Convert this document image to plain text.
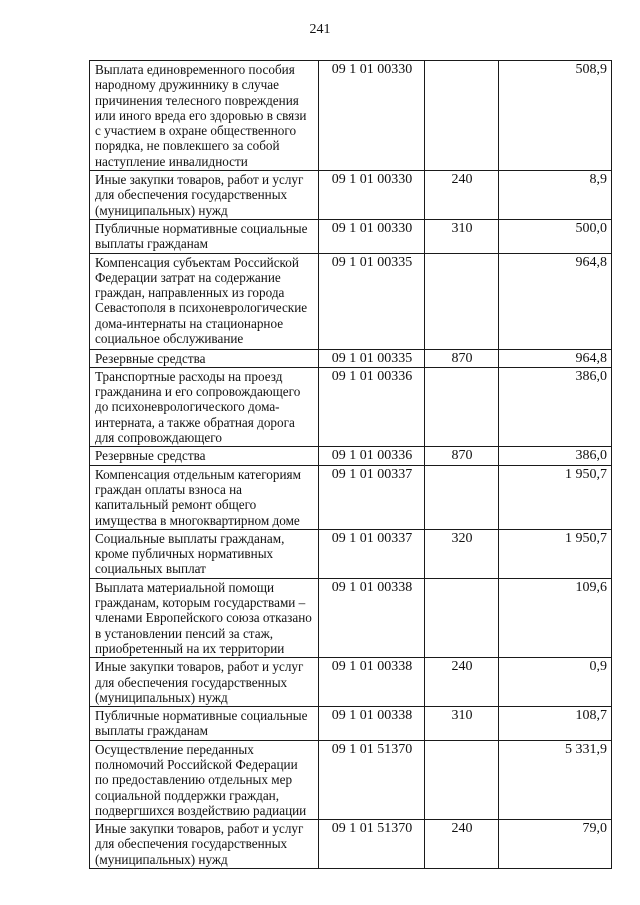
241
Выплата единовременного пособия народному дружиннику в случае причинения телесного повреждения или иного вреда его здоровью в связи с участием в охране общественного порядка, не повлекшего за собой наступление инвалидности	09 1 01 00330		508,9
Иные закупки товаров, работ и услуг для обеспечения государственных (муниципальных) нужд	09 1 01 00330	240	8,9
Публичные нормативные социальные выплаты гражданам	09 1 01 00330	310	500,0
Компенсация субъектам Российской Федерации затрат на содержание граждан, направленных из города Севастополя в психоневрологические дома-интернаты на стационарное социальное обслуживание	09 1 01 00335		964,8
Резервные средства	09 1 01 00335	870	964,8
Транспортные расходы на проезд гражданина и его сопровождающего до психоневрологического дома-интерната, а также обратная дорога для сопровождающего	09 1 01 00336		386,0
Резервные средства	09 1 01 00336	870	386,0
Компенсация отдельным категориям граждан оплаты взноса на капитальный ремонт общего имущества в многоквартирном доме	09 1 01 00337		1 950,7
Социальные выплаты гражданам, кроме публичных нормативных социальных выплат	09 1 01 00337	320	1 950,7
Выплата материальной помощи гражданам, которым государствами – членами Европейского союза отказано в установлении пенсий за стаж, приобретенный на их территории	09 1 01 00338		109,6
Иные закупки товаров, работ и услуг для обеспечения государственных (муниципальных) нужд	09 1 01 00338	240	0,9
Публичные нормативные социальные выплаты гражданам	09 1 01 00338	310	108,7
Осуществление переданных полномочий Российской Федерации по предоставлению отдельных мер социальной поддержки граждан, подвергшихся воздействию радиации	09 1 01 51370		5 331,9
Иные закупки товаров, работ и услуг для обеспечения государственных (муниципальных) нужд	09 1 01 51370	240	79,0
